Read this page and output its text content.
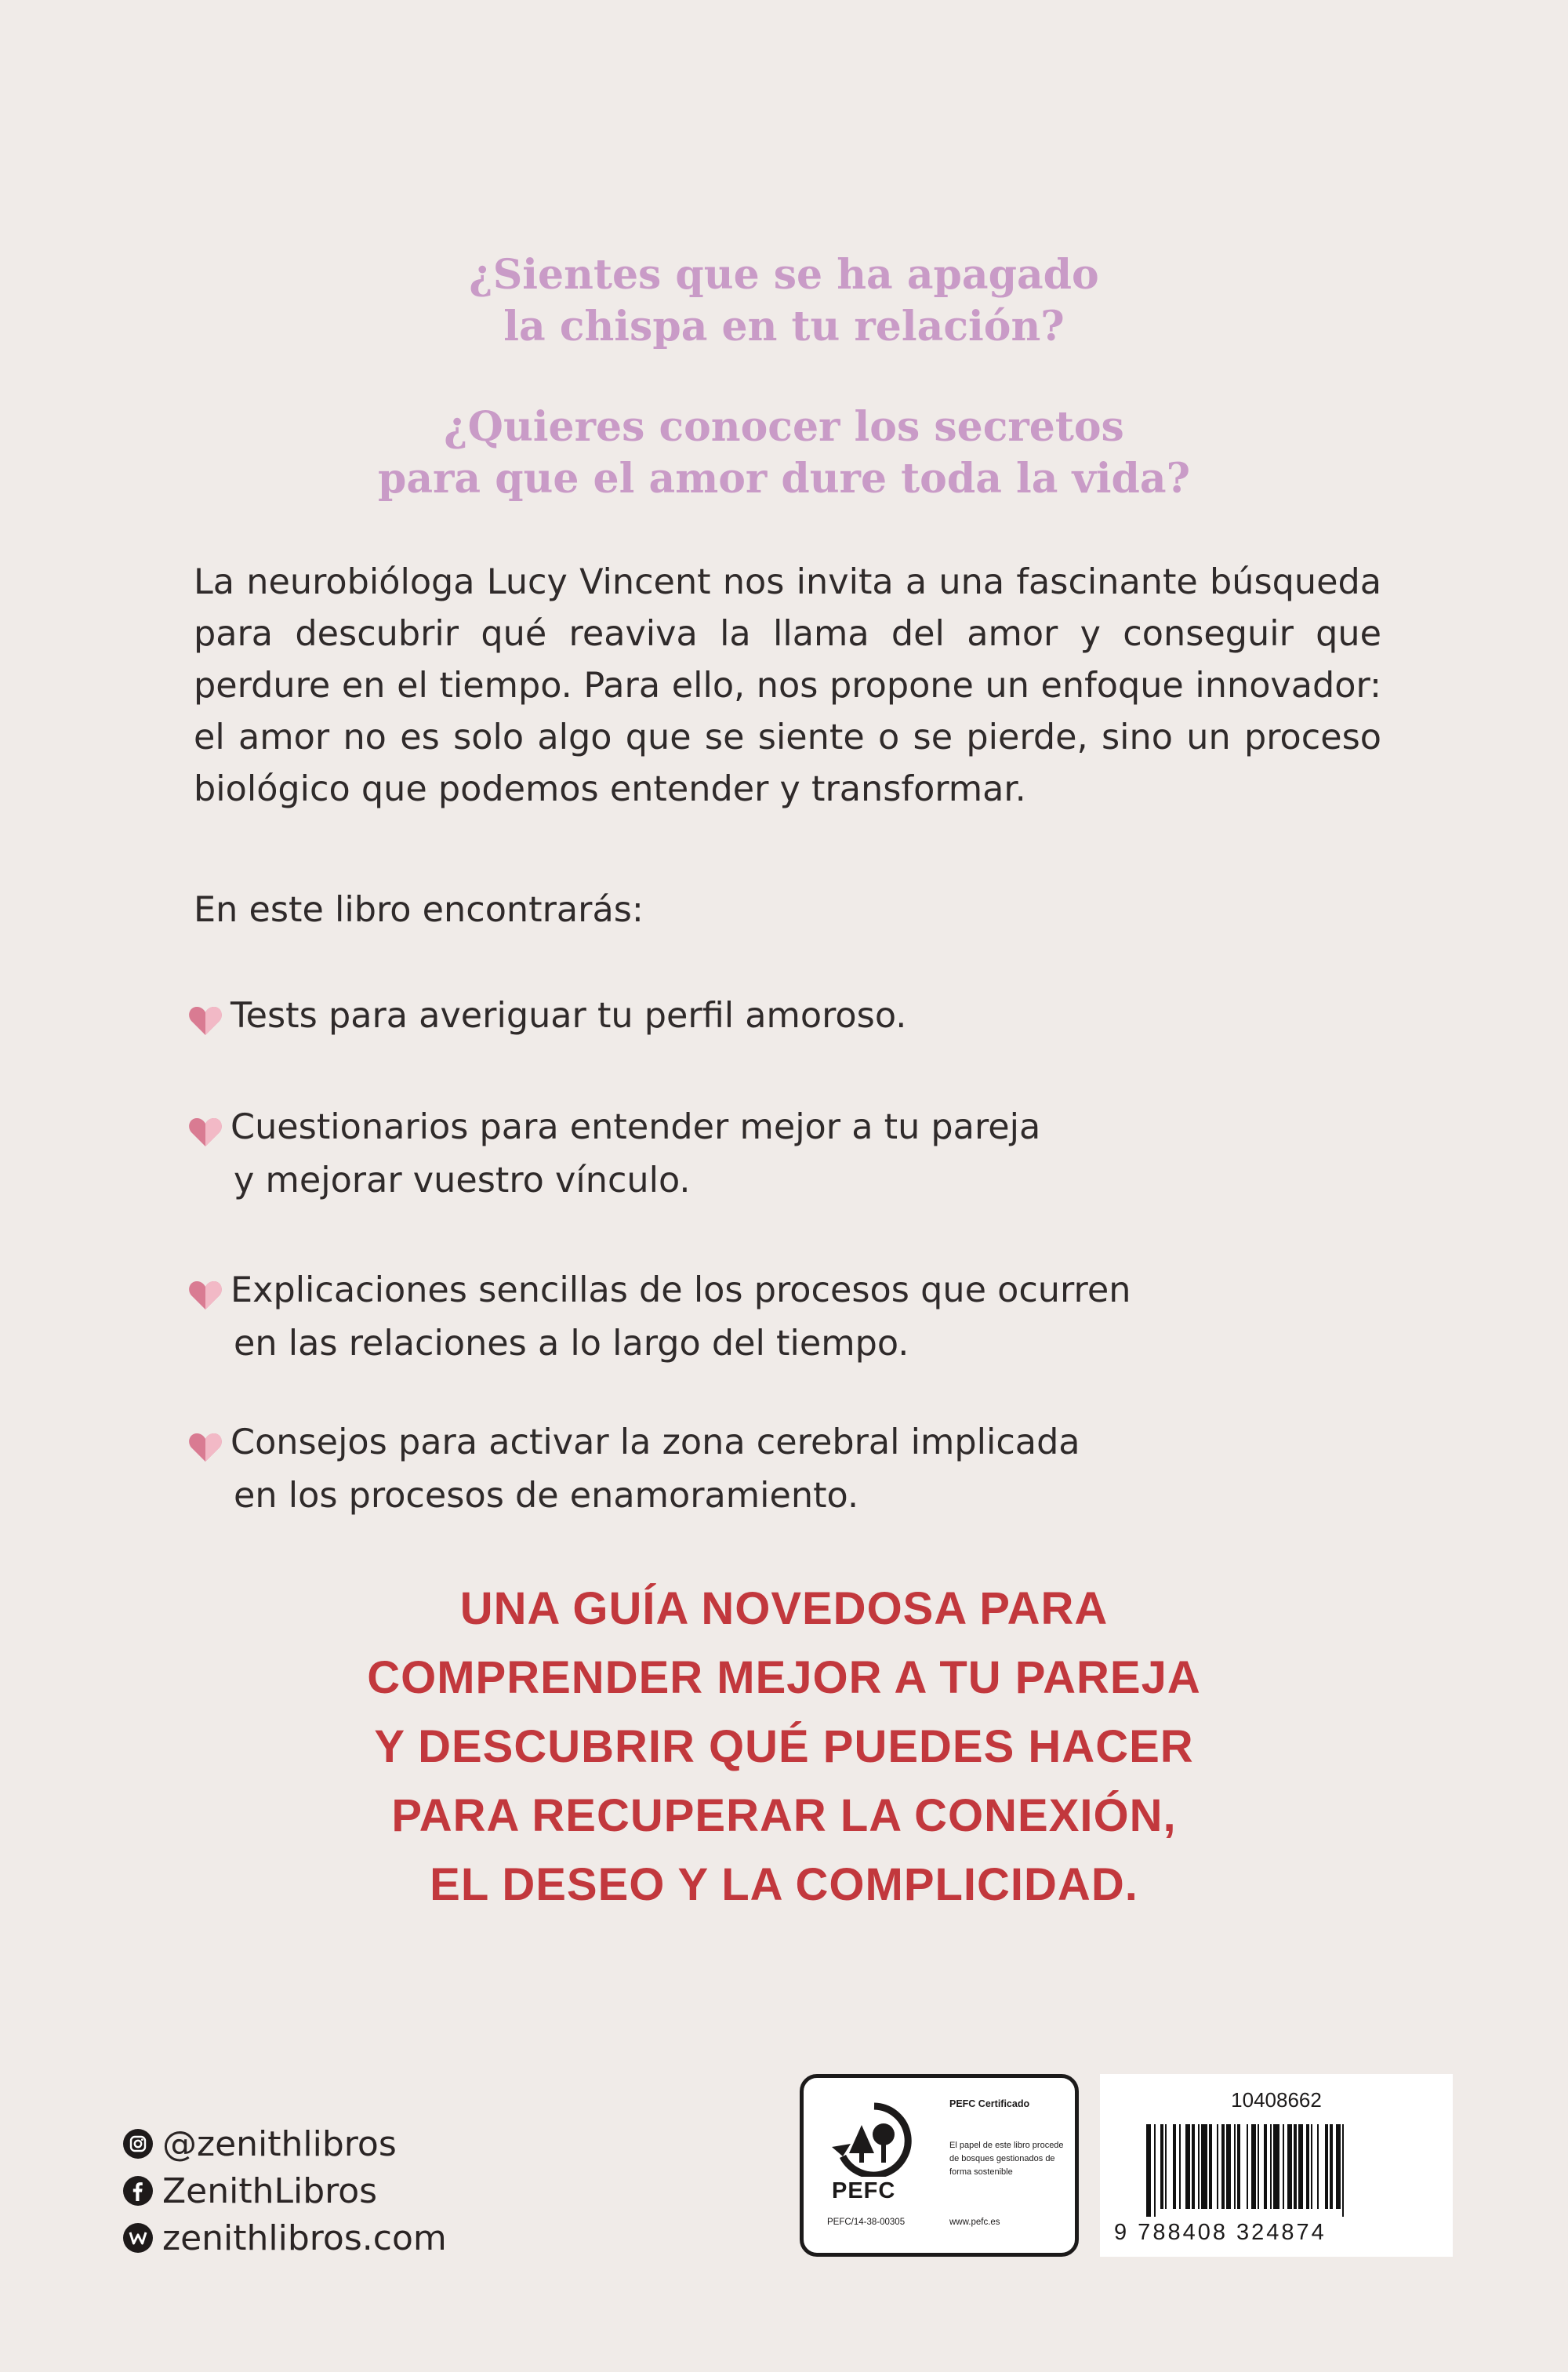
¿Sientes que se ha apagado
la chispa en tu relación?
¿Quieres conocer los secretos
para que el amor dure toda la vida?

La neurobióloga Lucy Vincent nos invita a una fascinante búsqueda para descubrir qué reaviva la llama del amor y conseguir que perdure en el tiempo. Para ello, nos propone un enfoque innovador: el amor no es solo algo que se siente o se pierde, sino un proceso biológico que podemos entender y transformar.

En este libro encontrarás:

Tests para averiguar tu perfil amoroso.
Cuestionarios para entender mejor a tu pareja
y mejorar vuestro vínculo.
Explicaciones sencillas de los procesos que ocurren
en las relaciones a lo largo del tiempo.
Consejos para activar la zona cerebral implicada
en los procesos de enamoramiento.
UNA GUÍA NOVEDOSA PARA
COMPRENDER MEJOR A TU PAREJA
Y DESCUBRIR QUÉ PUEDES HACER
PARA RECUPERAR LA CONEXIÓN,
EL DESEO Y LA COMPLICIDAD.
@zenithlibros
ZenithLibros
zenithlibros.com
PEFC
PEFC/14-38-00305
PEFC Certificado
El papel de este libro procede de bosques gestionados de forma sostenible
www.pefc.es
10408662
9 788408 324874
